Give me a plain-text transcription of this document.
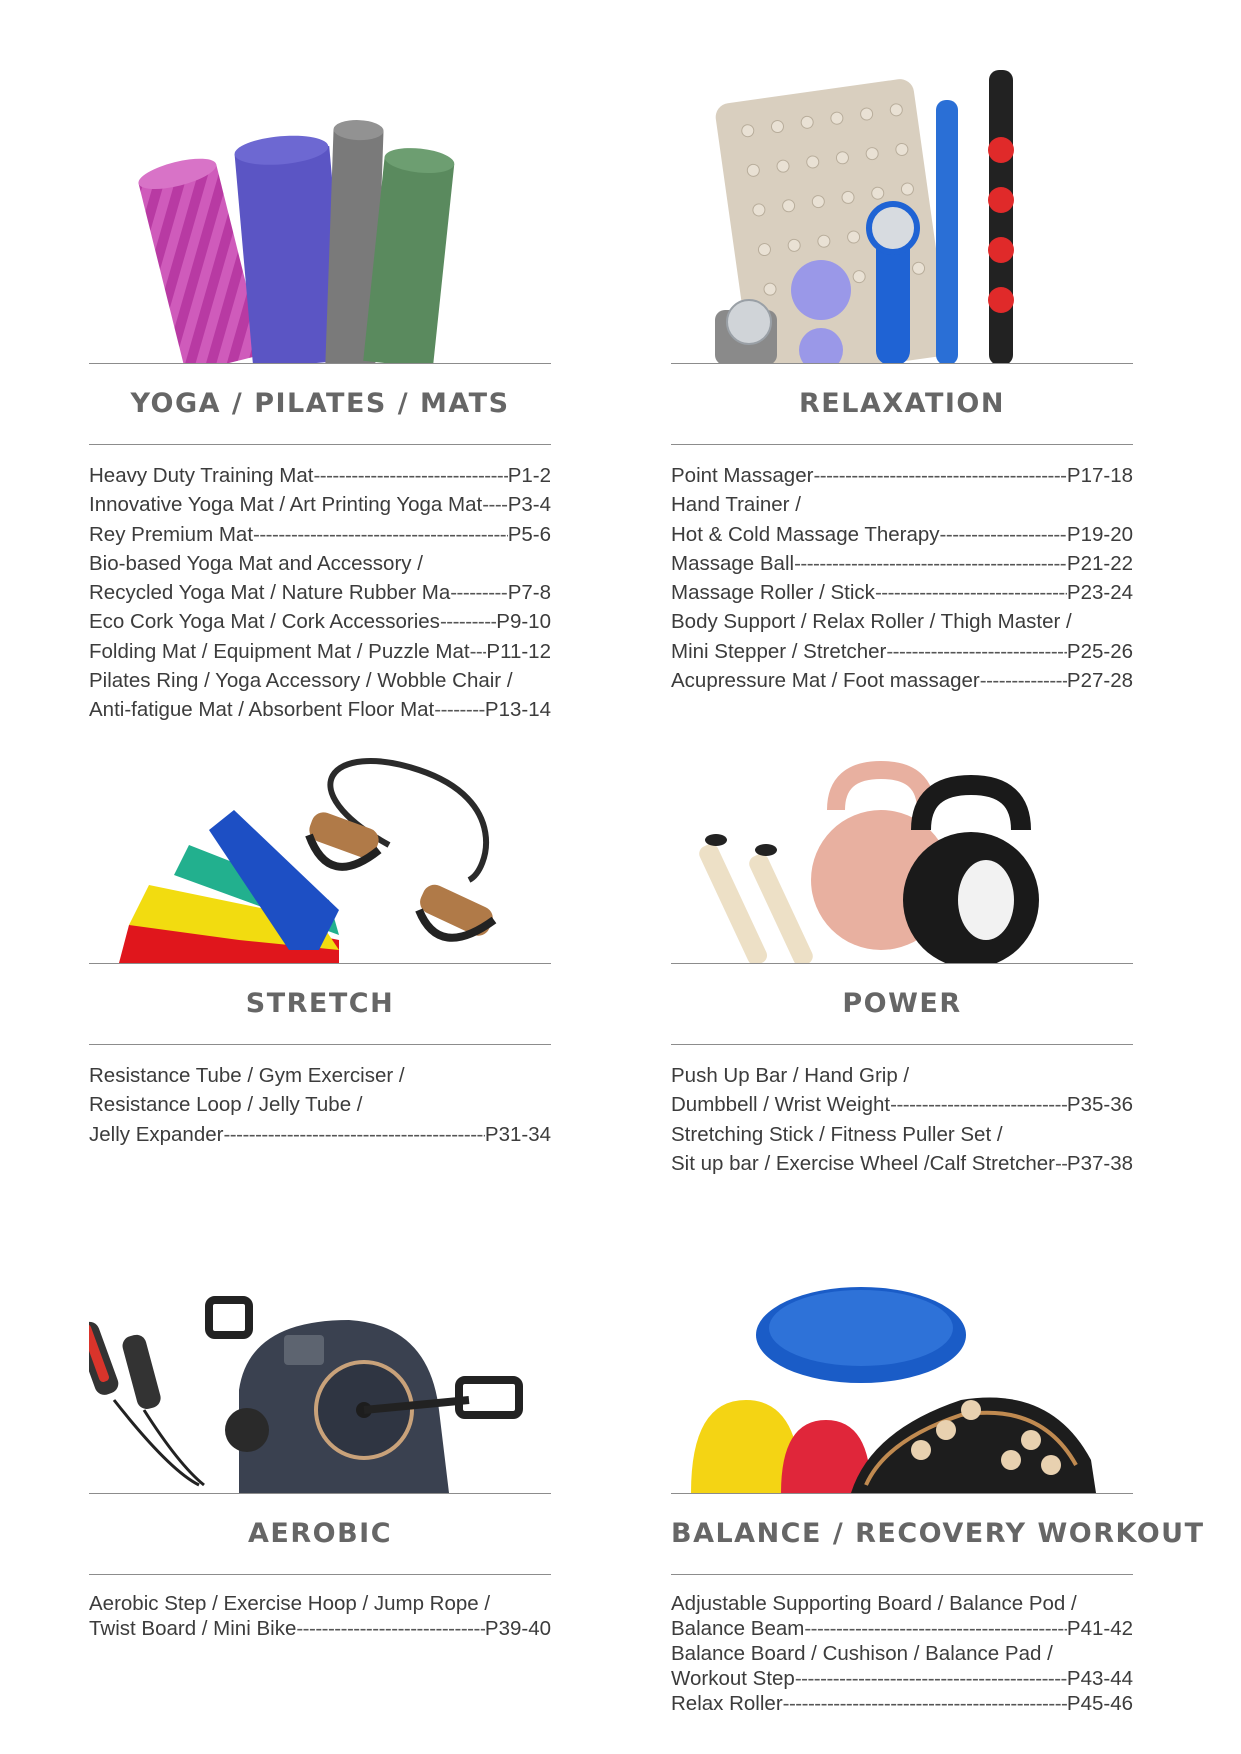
YOGA / PILATES / MATS
Heavy Duty Training Mat -----	P1-2
Innovative Yoga Mat / Art Printing Yoga Mat ----- P3-4
Rey Premium Mat -----	P5-6
Bio-based Yoga Mat and Accessory /
Recycled Yoga Mat / Nature Rubber Ma -----	P7-8
Eco Cork Yoga Mat / Cork Accessories -----	P9-10
Folding Mat / Equipment Mat / Puzzle Mat ----- P11-12
Pilates Ring / Yoga Accessory / Wobble Chair /
Anti-fatigue Mat / Absorbent Floor Mat ----- P13-14
RELAXATION
Point Massager -----	P17-18
Hand Trainer /
Hot & Cold Massage Therapy -----	P19-20
Massage Ball -----	P21-22
Massage Roller / Stick -----	P23-24
Body Support / Relax Roller / Thigh Master /
Mini Stepper / Stretcher -----	P25-26
Acupressure Mat / Foot massager -----	P27-28
STRETCH
Resistance Tube / Gym Exerciser /
Resistance Loop / Jelly Tube /
Jelly Expander -----	P31-34
POWER
Push Up Bar / Hand Grip /
Dumbbell / Wrist Weight -----	P35-36
Stretching Stick / Fitness Puller Set /
Sit up bar / Exercise Wheel /Calf Stretcher ----- P37-38
AEROBIC
Aerobic Step / Exercise Hoop / Jump Rope /
Twist Board / Mini Bike -----	P39-40
BALANCE / RECOVERY WORKOUT
Adjustable Supporting Board / Balance Pod /
Balance Beam -----	P41-42
Balance Board / Cushison / Balance Pad /
Workout Step -----	P43-44
Relax Roller -----	P45-46
